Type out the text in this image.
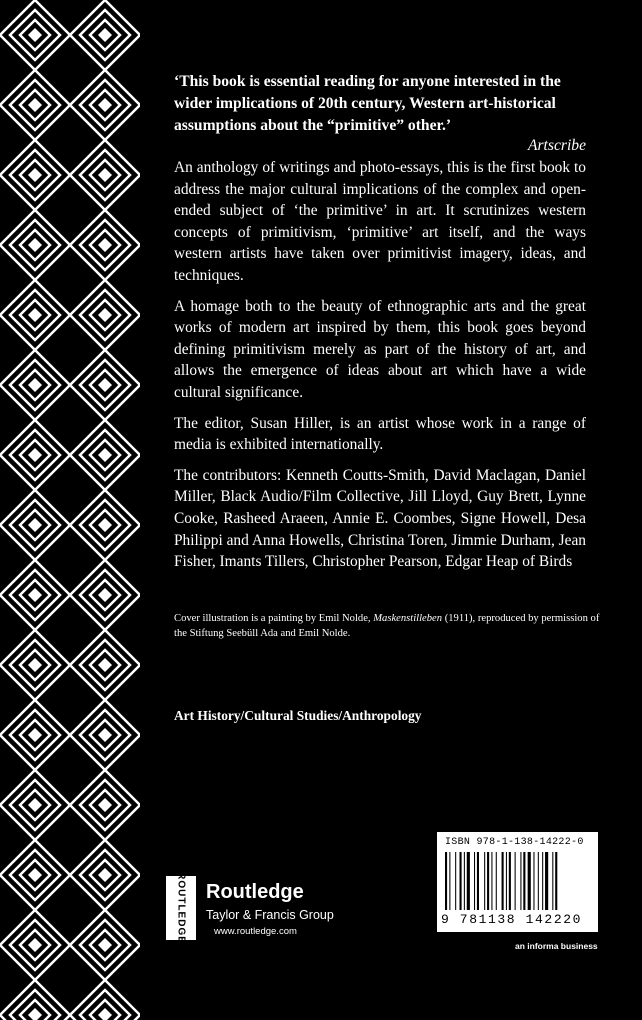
‘This book is essential reading for anyone interested in the wider implications of 20th century, Western art-historical assumptions about the “primitive” other.’
Artscribe

An anthology of writings and photo-essays, this is the first book to address the major cultural implications of the complex and open-ended subject of ‘the primitive’ in art. It scrutinizes western concepts of primitivism, ‘primitive’ art itself, and the ways western artists have taken over primitivist imagery, ideas, and techniques.

A homage both to the beauty of ethnographic arts and the great works of modern art inspired by them, this book goes beyond defining primitivism merely as part of the history of art, and allows the emergence of ideas about art which have a wide cultural significance.

The editor, Susan Hiller, is an artist whose work in a range of media is exhibited internationally.

The contributors: Kenneth Coutts-Smith, David Maclagan, Daniel Miller, Black Audio/Film Collective, Jill Lloyd, Guy Brett, Lynne Cooke, Rasheed Araeen, Annie E. Coombes, Signe Howell, Desa Philippi and Anna Howells, Christina Toren, Jimmie Durham, Jean Fisher, Imants Tillers, Christopher Pearson, Edgar Heap of Birds

Cover illustration is a painting by Emil Nolde, Maskenstilleben (1911), reproduced by permission of the Stiftung Seebüll Ada and Emil Nolde.
Art History/Cultural Studies/Anthropology
ROUTLEDGE Routledge
Taylor & Francis Group
www.routledge.com
ISBN 978-1-138-14222-0
9 781138 142220
an informa business
